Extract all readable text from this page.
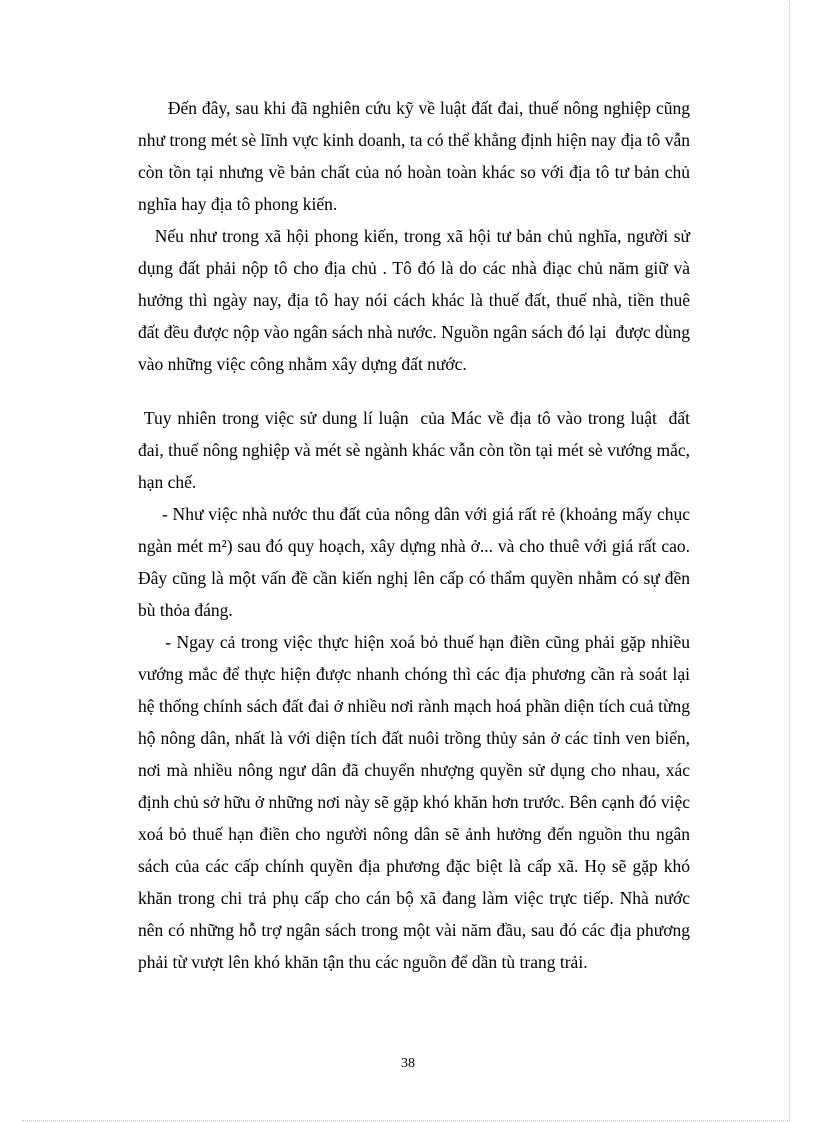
Đến đây, sau khi đã nghiên cứu kỹ về luật đất đai, thuế nông nghiệp cũng như trong mét sè lĩnh vực kinh doanh, ta có thể khẳng định hiện nay địa tô vẫn còn tồn tại nhưng về bản chất của nó hoàn toàn khác so với địa tô tư bản chủ nghĩa hay địa tô phong kiến.

Nếu như trong xã hội phong kiến, trong xã hội tư bản chủ nghĩa, người sử dụng đất phải nộp tô cho địa chủ . Tô đó là do các nhà điạc chủ năm giữ và hưởng thì ngày nay, địa tô hay nói cách khác là thuế đất, thuế nhà, tiền thuê đất đều được nộp vào ngân sách nhà nước. Nguồn ngân sách đó lại  được dùng vào những việc công nhằm xây dựng đất nước.

Tuy nhiên trong việc sử dung lí luận  của Mác về địa tô vào trong luật  đất đai, thuế nông nghiệp và mét sè ngành khác vẫn còn tồn tại mét sè vướng mắc, hạn chế.

- Như việc nhà nước thu đất của nông dân với giá rất rẻ (khoảng mấy chục ngàn mét m²) sau đó quy hoạch, xây dựng nhà ở... và cho thuê với giá rất cao. Đây cũng là một vấn đề cần kiến nghị lên cấp có thẩm quyền nhằm có sự đền bù thỏa đáng.

- Ngay cả trong việc thực hiện xoá bỏ thuế hạn điền cũng phải gặp nhiều vướng mắc để thực hiện được nhanh chóng thì các địa phương cần rà soát lại hệ thống chính sách đất đai ở nhiều nơi rành mạch hoá phần diện tích cuả từng hộ nông dân, nhất là với diện tích đất nuôi trồng thủy sản ở các tỉnh ven biển, nơi mà nhiều nông ngư dân đã chuyển nhượng quyền sử dụng cho nhau, xác định chủ sở hữu ở những nơi này sẽ gặp khó khăn hơn trước. Bên cạnh đó việc xoá bỏ thuế hạn điền cho người nông dân sẽ ảnh hưởng đến nguồn thu ngân sách của các cấp chính quyền địa phương đặc biệt là cấp xã. Họ sẽ gặp khó khăn trong chi trả phụ cấp cho cán bộ xã đang làm việc trực tiếp. Nhà nước nên có những hỗ trợ ngân sách trong một vài năm đầu, sau đó các địa phương phải từ vượt lên khó khăn tận thu các nguồn để dần tù trang trải.

38
